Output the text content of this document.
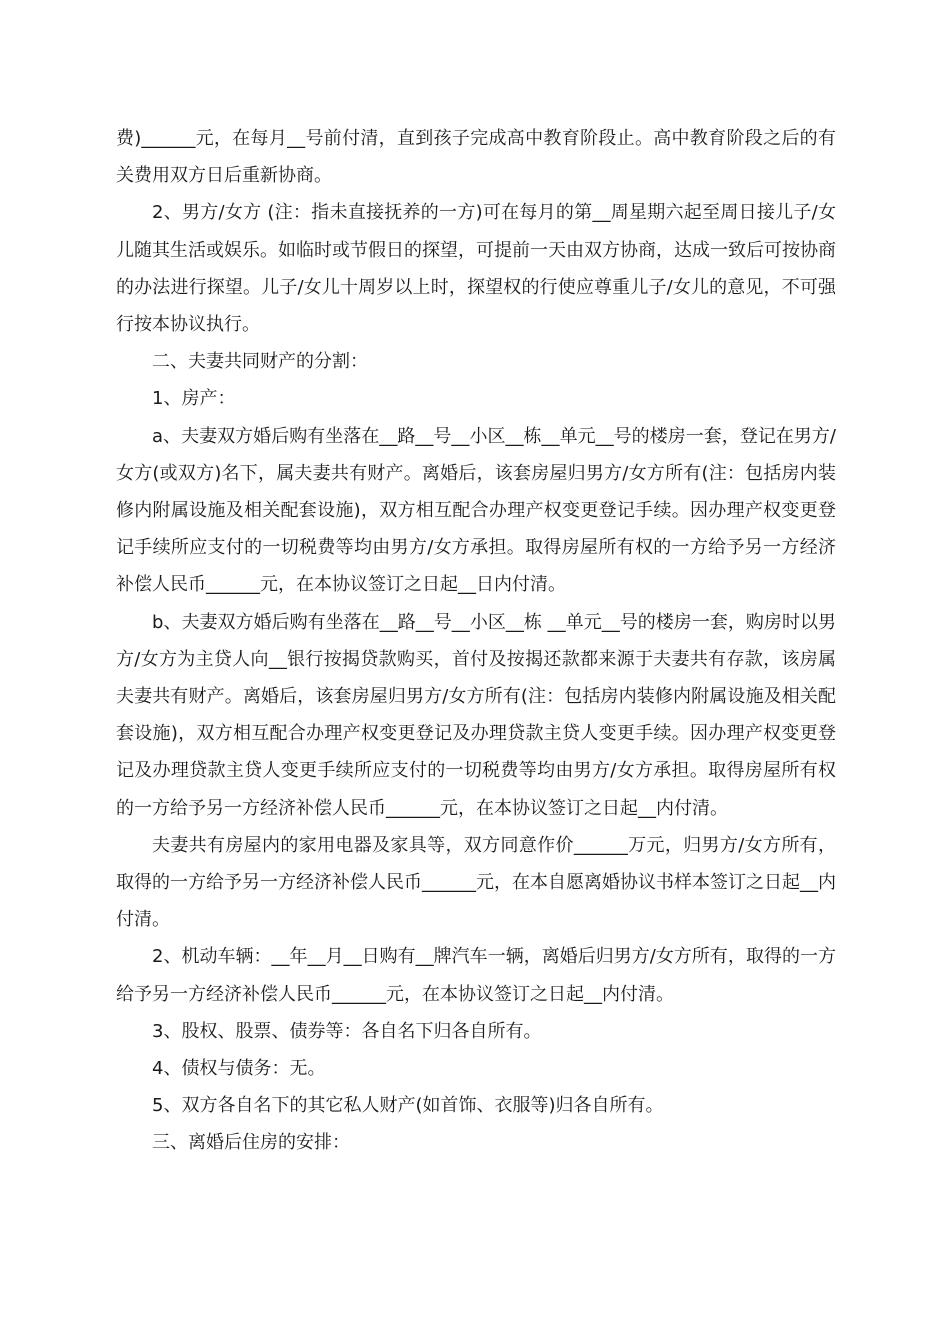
费)______元，在每月__号前付清，直到孩子完成高中教育阶段止。高中教育阶段之后的有关费用双方日后重新协商。

2、男方/女方 (注：指未直接抚养的一方)可在每月的第__周星期六起至周日接儿子/女儿随其生活或娱乐。如临时或节假日的探望，可提前一天由双方协商，达成一致后可按协商的办法进行探望。儿子/女儿十周岁以上时，探望权的行使应尊重儿子/女儿的意见，不可强行按本协议执行。

二、夫妻共同财产的分割：

1、房产：

a、夫妻双方婚后购有坐落在__路__号__小区__栋__单元__号的楼房一套，登记在男方/女方(或双方)名下，属夫妻共有财产。离婚后，该套房屋归男方/女方所有(注：包括房内装修内附属设施及相关配套设施)，双方相互配合办理产权变更登记手续。因办理产权变更登记手续所应支付的一切税费等均由男方/女方承担。取得房屋所有权的一方给予另一方经济补偿人民币______元，在本协议签订之日起__日内付清。

b、夫妻双方婚后购有坐落在__路__号__小区__栋 __单元__号的楼房一套，购房时以男方/女方为主贷人向__银行按揭贷款购买，首付及按揭还款都来源于夫妻共有存款，该房属夫妻共有财产。离婚后，该套房屋归男方/女方所有(注：包括房内装修内附属设施及相关配套设施)，双方相互配合办理产权变更登记及办理贷款主贷人变更手续。因办理产权变更登记及办理贷款主贷人变更手续所应支付的一切税费等均由男方/女方承担。取得房屋所有权的一方给予另一方经济补偿人民币______元，在本协议签订之日起__内付清。

夫妻共有房屋内的家用电器及家具等，双方同意作价______万元，归男方/女方所有，取得的一方给予另一方经济补偿人民币______元，在本自愿离婚协议书样本签订之日起__内付清。

2、机动车辆：__年__月__日购有__牌汽车一辆，离婚后归男方/女方所有，取得的一方给予另一方经济补偿人民币______元，在本协议签订之日起__内付清。

3、股权、股票、债券等：各自名下归各自所有。

4、债权与债务：无。

5、双方各自名下的其它私人财产(如首饰、衣服等)归各自所有。

三、离婚后住房的安排：
